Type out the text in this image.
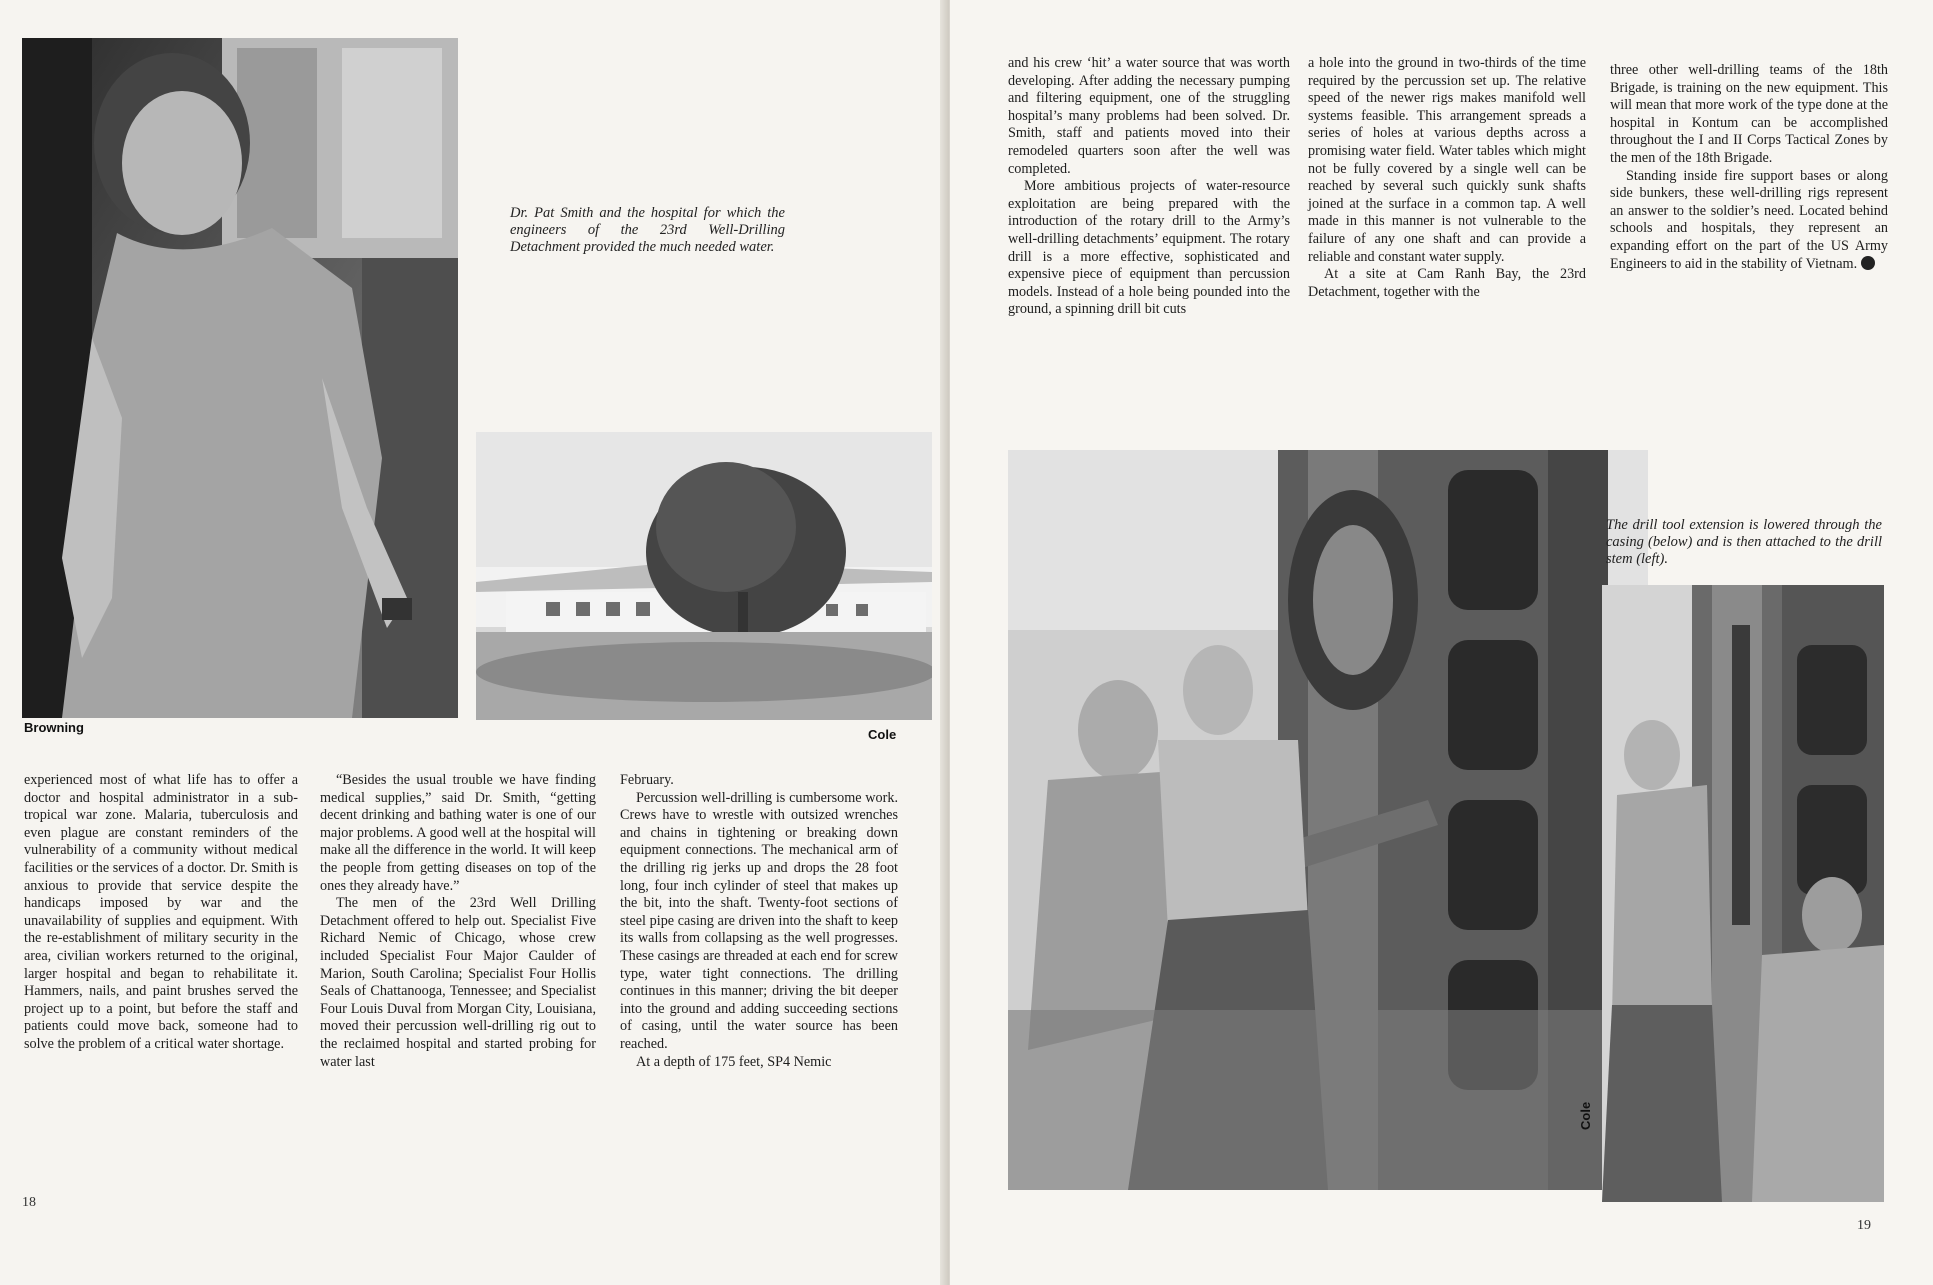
Browning
Dr. Pat Smith and the hospital for which the engineers of the 23rd Well-Drilling Detachment provided the much needed water.
Cole

experienced most of what life has to offer a doctor and hospital administrator in a sub-tropical war zone. Malaria, tuberculosis and even plague are constant reminders of the vulnerability of a community without medical facilities or the services of a doctor. Dr. Smith is anxious to provide that service despite the handicaps imposed by war and the unavailability of supplies and equipment. With the re-establishment of military security in the area, civilian workers returned to the original, larger hospital and began to rehabilitate it. Hammers, nails, and paint brushes served the project up to a point, but before the staff and patients could move back, someone had to solve the problem of a critical water shortage.

“Besides the usual trouble we have finding medical supplies,” said Dr. Smith, “getting decent drinking and bathing water is one of our major problems. A good well at the hospital will make all the difference in the world. It will keep the people from getting diseases on top of the ones they already have.”

The men of the 23rd Well Drilling Detachment offered to help out. Specialist Five Richard Nemic of Chicago, whose crew included Specialist Four Major Caulder of Marion, South Carolina; Specialist Four Hollis Seals of Chattanooga, Tennessee; and Specialist Four Louis Duval from Morgan City, Louisiana, moved their percussion well-drilling rig out to the reclaimed hospital and started probing for water last

February.

Percussion well-drilling is cumbersome work. Crews have to wrestle with outsized wrenches and chains in tightening or breaking down equipment connections. The mechanical arm of the drilling rig jerks up and drops the 28 foot long, four inch cylinder of steel that makes up the bit, into the shaft. Twenty-foot sections of steel pipe casing are driven into the shaft to keep its walls from collapsing as the well progresses. These casings are threaded at each end for screw type, water tight connections. The drilling continues in this manner; driving the bit deeper into the ground and adding succeeding sections of casing, until the water source has been reached.

At a depth of 175 feet, SP4 Nemic

18

and his crew ‘hit’ a water source that was worth developing. After adding the necessary pumping and filtering equipment, one of the struggling hospital’s many problems had been solved. Dr. Smith, staff and patients moved into their remodeled quarters soon after the well was completed.

More ambitious projects of water-resource exploitation are being prepared with the introduction of the rotary drill to the Army’s well-drilling detachments’ equipment. The rotary drill is a more effective, sophisticated and expensive piece of equipment than percussion models. Instead of a hole being pounded into the ground, a spinning drill bit cuts

a hole into the ground in two-thirds of the time required by the percussion set up. The relative speed of the newer rigs makes manifold well systems feasible. This arrangement spreads a series of holes at various depths across a promising water field. Water tables which might not be fully covered by a single well can be reached by several such quickly sunk shafts joined at the surface in a common tap. A well made in this manner is not vulnerable to the failure of any one shaft and can provide a reliable and constant water supply.

At a site at Cam Ranh Bay, the 23rd Detachment, together with the

three other well-drilling teams of the 18th Brigade, is training on the new equipment. This will mean that more work of the type done at the hospital in Kontum can be accomplished throughout the I and II Corps Tactical Zones by the men of the 18th Brigade.

Standing inside fire support bases or along side bunkers, these well-drilling rigs represent an answer to the soldier’s need. Located behind schools and hospitals, they represent an expanding effort on the part of the US Army Engineers to aid in the stability of Vietnam.

Cole
The drill tool extension is lowered through the casing (below) and is then attached to the drill stem (left).
19
